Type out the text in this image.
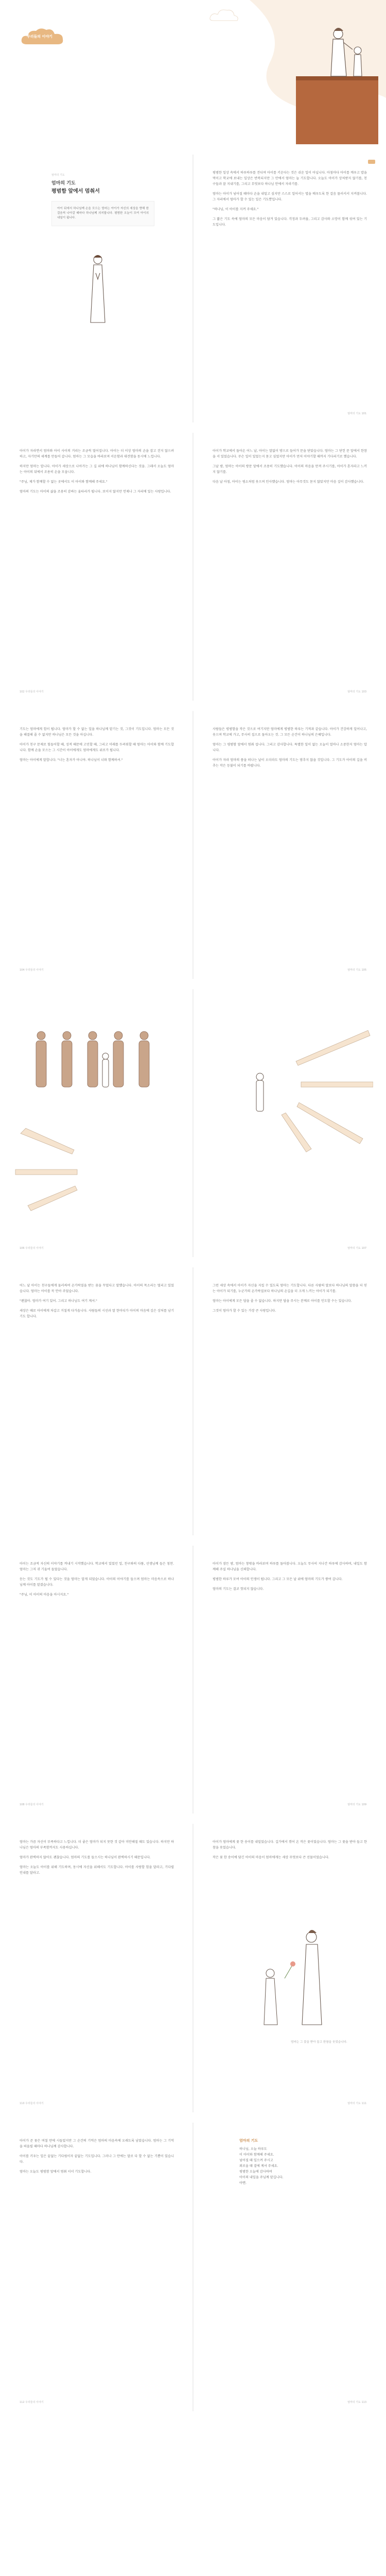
우리들의 이야기
엄마의 기도
엄마의 기도
평범함 앞에서 멈춰서

아이 뒤에서 하나님께 손을 모으는 엄마는 아이가 자신의 세상을 향해 한 걸음씩 나아갈 때마다 하나님께 의지합니다. 평범한 오늘이 모여 아이의 내일이 됩니다.

평범한 일상 속에서 하루하루를 견디며 아이를 키운다는 것은 쉬운 일이 아닙니다. 아침마다 아이를 깨우고 밥을 먹이고 학교에 보내는 일상은 반복되지만 그 안에서 엄마는 늘 기도합니다. 오늘도 아이가 상처받지 않기를, 친구들과 잘 지내기를, 그리고 무엇보다 하나님 안에서 자라기를.

엄마는 아이가 넘어질 때마다 손을 내밀고 싶지만 스스로 일어서는 법을 배우도록 한 걸음 물러서서 지켜봅니다. 그 자리에서 엄마가 할 수 있는 일은 기도뿐입니다.

"하나님, 이 아이를 지켜 주세요."

그 짧은 기도 속에 엄마의 모든 마음이 담겨 있습니다. 걱정과 두려움, 그리고 감사와 소망이 함께 섞여 있는 기도입니다.

엄마의 기도 101

아이가 자라면서 엄마와 아이 사이의 거리는 조금씩 멀어집니다. 아이는 더 이상 엄마의 손을 잡고 걷지 않으려 하고, 자기만의 세계를 만들어 갑니다. 엄마는 그 모습을 바라보며 서운함과 대견함을 동시에 느낍니다.

하지만 엄마는 압니다. 아이가 세상으로 나아가는 그 길 위에 하나님이 함께하신다는 것을. 그래서 오늘도 엄마는 아이의 뒤에서 조용히 손을 모읍니다.

"주님, 제가 함께할 수 없는 곳에서도 이 아이와 함께해 주세요."

엄마의 기도는 아이의 삶을 조용히 감싸는 울타리가 됩니다. 보이지 않지만 언제나 그 자리에 있는 사랑입니다.

102 우리들의 이야기

아이가 학교에서 돌아온 어느 날, 아이는 말없이 방으로 들어가 문을 닫았습니다. 엄마는 그 닫힌 문 앞에서 한참을 서 있었습니다. 무슨 일이 있었는지 묻고 싶었지만 아이가 먼저 이야기할 때까지 기다리기로 했습니다.

그날 밤, 엄마는 아이의 방문 앞에서 조용히 기도했습니다. 아이의 마음을 만져 주시기를, 아이가 혼자라고 느끼지 않기를.

다음 날 아침, 아이는 평소처럼 웃으며 인사했습니다. 엄마는 아무것도 묻지 않았지만 마음 깊이 감사했습니다.

엄마의 기도 103

기도는 엄마에게 힘이 됩니다. 엄마가 할 수 없는 일을 하나님께 맡기는 것, 그것이 기도입니다. 엄마는 모든 것을 해결해 줄 수 없지만 하나님은 모든 것을 아십니다.

아이가 친구 문제로 힘들어할 때, 성적 때문에 고민할 때, 그리고 미래를 두려워할 때 엄마는 아이와 함께 기도합니다. 함께 손을 모으는 그 시간이 아이에게도 엄마에게도 위로가 됩니다.

엄마는 아이에게 말합니다. "너는 혼자가 아니야. 하나님이 너와 함께하셔."

104 우리들의 이야기

사람들은 평범함을 작은 것으로 여기지만 엄마에게 평범한 하루는 기적과 같습니다. 아이가 건강하게 일어나고, 웃으며 학교에 가고, 무사히 집으로 돌아오는 것. 그 모든 순간이 하나님의 은혜입니다.

엄마는 그 평범함 앞에서 멈춰 섭니다. 그리고 감사합니다. 특별한 일이 없는 오늘이 얼마나 소중한지 엄마는 압니다.

아이가 자라 엄마의 품을 떠나는 날이 오더라도 엄마의 기도는 멈추지 않을 것입니다. 그 기도가 아이의 길을 비추는 작은 등불이 되기를 바랍니다.

엄마의 기도 105
106 우리들의 이야기	엄마의 기도 107

어느 날 아이는 친구들에게 둘러싸여 손가락질을 받는 꿈을 꾸었다고 말했습니다. 아이의 목소리는 떨리고 있었습니다. 엄마는 아이를 꼭 안아 주었습니다.

"괜찮아. 엄마가 여기 있어. 그리고 하나님도 여기 계셔."

세상은 때로 아이에게 차갑고 거칠게 다가옵니다. 사람들의 시선과 말 한마디가 아이의 마음에 깊은 상처를 남기기도 합니다.

그런 세상 속에서 아이가 자신을 지킬 수 있도록 엄마는 기도합니다. 다른 사람의 말보다 하나님의 말씀을 더 믿는 아이가 되기를, 누군가의 손가락질보다 하나님의 손길을 더 크게 느끼는 아이가 되기를.

엄마는 아이에게 모든 답을 줄 수 없습니다. 하지만 답을 주시는 분께로 아이를 인도할 수는 있습니다.

그것이 엄마가 할 수 있는 가장 큰 사랑입니다.

아이는 조금씩 자신의 이야기를 꺼내기 시작했습니다. 학교에서 있었던 일, 친구와의 다툼, 선생님께 들은 칭찬. 엄마는 그저 귀 기울여 들었습니다.

듣는 것도 기도가 될 수 있다는 것을 엄마는 알게 되었습니다. 아이의 이야기를 들으며 엄마는 마음속으로 하나님께 아이를 맡겼습니다.

"주님, 이 아이의 마음을 아시지요."

108 우리들의 이야기

아이가 잠든 밤, 엄마는 창밖을 바라보며 하루를 돌아봅니다. 오늘도 무사히 지나간 하루에 감사하며, 내일도 함께해 주실 하나님을 신뢰합니다.

평범한 하루가 모여 아이의 인생이 됩니다. 그리고 그 모든 날 위에 엄마의 기도가 쌓여 갑니다.

엄마의 기도는 결코 헛되지 않습니다.

엄마의 기도 109

엄마는 가끔 자신이 부족하다고 느낍니다. 더 좋은 엄마가 되지 못한 것 같아 미안해질 때도 있습니다. 하지만 하나님은 엄마의 부족함까지도 사용하십니다.

엄마가 완벽하지 않아도 괜찮습니다. 엄마의 기도를 들으시는 하나님이 완벽하시기 때문입니다.

엄마는 오늘도 아이를 위해 기도하며, 동시에 자신을 위해서도 기도합니다. 아이를 사랑할 힘을 달라고, 기다릴 인내를 달라고.

110 우리들의 이야기

아이가 엄마에게 꽃 한 송이를 내밀었습니다. 길가에서 꺾어 온 작은 꽃이었습니다. 엄마는 그 꽃을 받아 들고 한참을 웃었습니다.

작은 꽃 한 송이에 담긴 아이의 마음이 엄마에게는 세상 무엇보다 큰 선물이었습니다.

엄마는 그 꽃을 받아 들고 한참을 웃었습니다.

엄마의 기도 111

아이가 준 꽃은 며칠 만에 시들었지만 그 순간의 기억은 엄마의 마음속에 오래도록 남았습니다. 엄마는 그 기억을 떠올릴 때마다 하나님께 감사합니다.

아이를 키우는 일은 끝없는 기다림이자 끝없는 기도입니다. 그러나 그 안에는 말로 다 할 수 없는 기쁨이 있습니다.

엄마는 오늘도 평범함 앞에서 멈춰 서서 기도합니다.

112 우리들의 이야기
엄마의 기도
하나님, 오늘 하루도
이 아이와 함께해 주세요.
넘어질 때 일으켜 주시고
외로울 때 곁에 계셔 주세요.
평범한 오늘에 감사하며
아이의 내일을 주님께 맡깁니다.
아멘.
엄마의 기도 113
